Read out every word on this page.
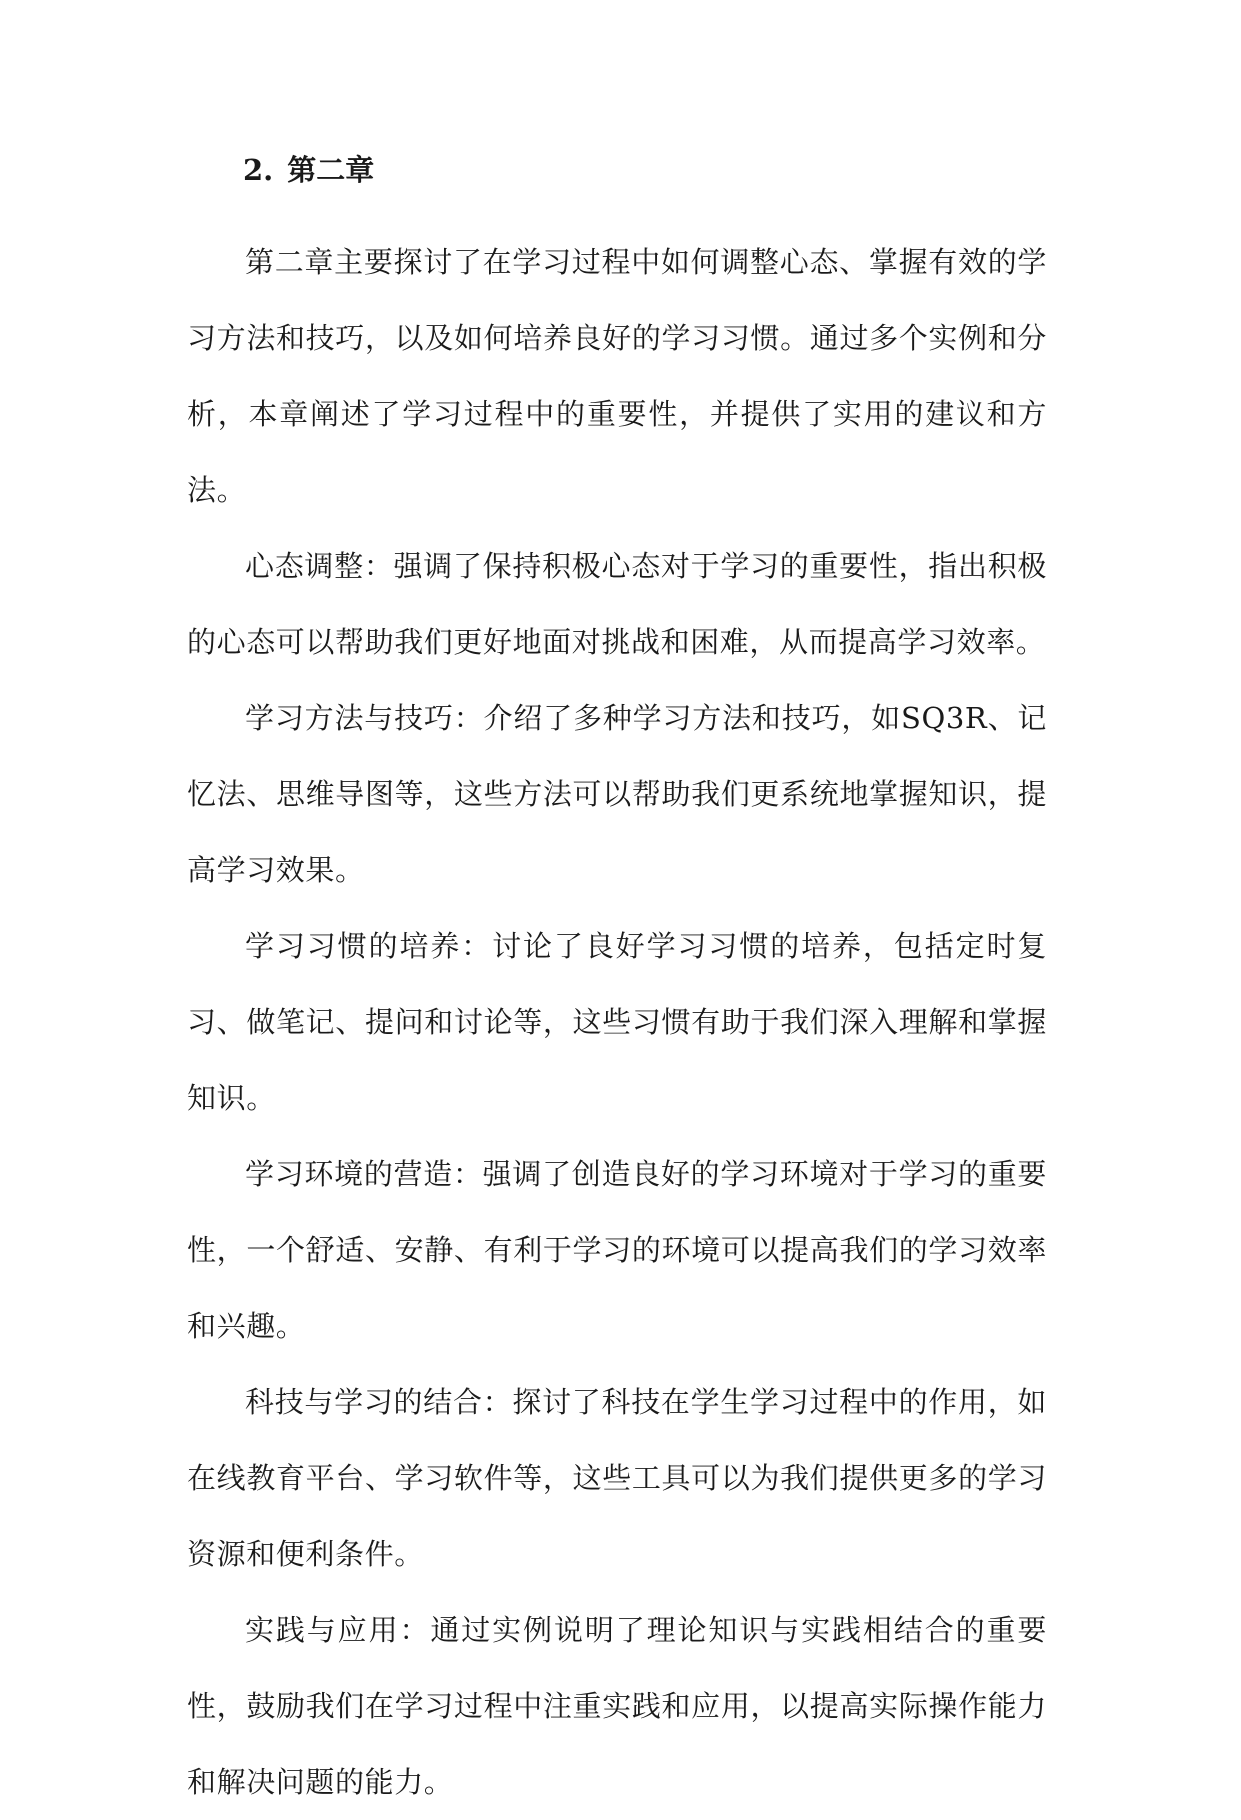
2. 第二章

第二章主要探讨了在学习过程中如何调整心态、掌握有效的学习方法和技巧，以及如何培养良好的学习习惯。通过多个实例和分析，本章阐述了学习过程中的重要性，并提供了实用的建议和方法。

心态调整：强调了保持积极心态对于学习的重要性，指出积极的心态可以帮助我们更好地面对挑战和困难，从而提高学习效率。

学习方法与技巧：介绍了多种学习方法和技巧，如SQ3R、记忆法、思维导图等，这些方法可以帮助我们更系统地掌握知识，提高学习效果。

学习习惯的培养：讨论了良好学习习惯的培养，包括定时复习、做笔记、提问和讨论等，这些习惯有助于我们深入理解和掌握知识。

学习环境的营造：强调了创造良好的学习环境对于学习的重要性，一个舒适、安静、有利于学习的环境可以提高我们的学习效率和兴趣。

科技与学习的结合：探讨了科技在学生学习过程中的作用，如在线教育平台、学习软件等，这些工具可以为我们提供更多的学习资源和便利条件。

实践与应用：通过实例说明了理论知识与实践相结合的重要性，鼓励我们在学习过程中注重实践和应用，以提高实际操作能力和解决问题的能力。
